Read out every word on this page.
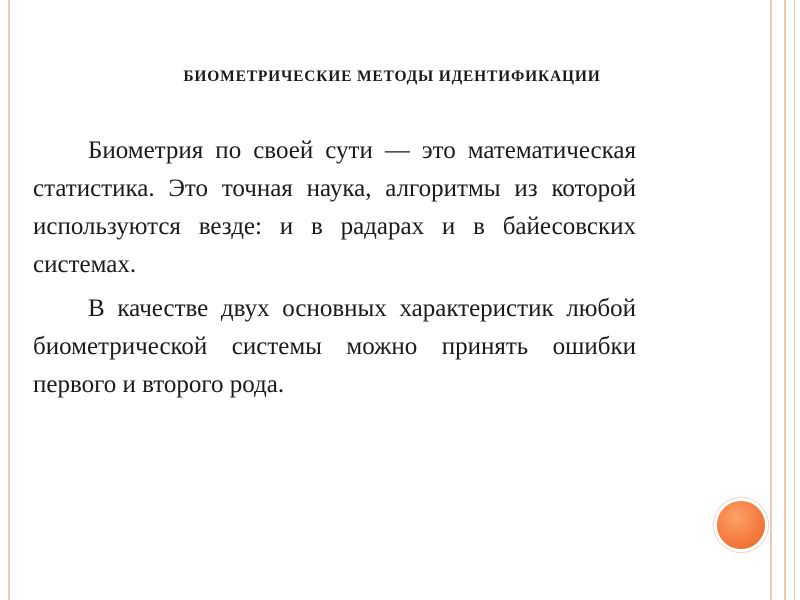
БИОМЕТРИЧЕСКИЕ МЕТОДЫ ИДЕНТИФИКАЦИИ

Биометрия по своей сути — это математическая статистика. Это точная наука, алгоритмы из которой используются везде: и в радарах и в байесовских системах.

В качестве двух основных характеристик любой биометрической системы можно принять ошибки первого и второго рода.
